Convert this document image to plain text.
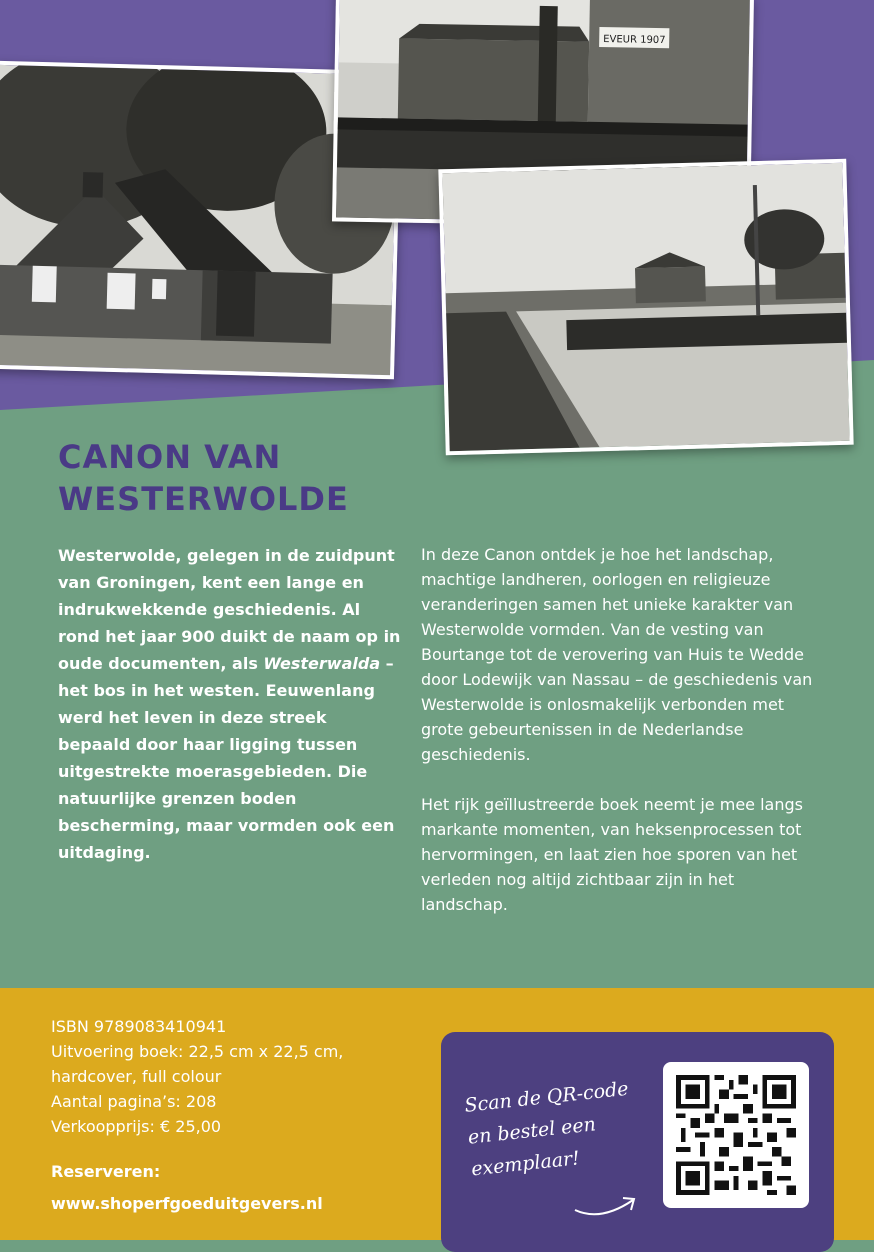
EVEUR 1907
CANON VAN WESTERWOLDE
Westerwolde, gelegen in de zuidpunt van Groningen, kent een lange en indrukwekkende geschiedenis. Al rond het jaar 900 duikt de naam op in oude documenten, als Westerwalda – het bos in het westen. Eeuwenlang werd het leven in deze streek bepaald door haar ligging tussen uitgestrekte moerasgebieden. Die natuurlijke grenzen boden bescherming, maar vormden ook een uitdaging.

In deze Canon ontdek je hoe het landschap, machtige landheren, oorlogen en religieuze veranderingen samen het unieke karakter van Westerwolde vormden. Van de vesting van Bourtange tot de verovering van Huis te Wedde door Lodewijk van Nassau – de geschiedenis van Westerwolde is onlosmakelijk verbonden met grote gebeurtenissen in de Nederlandse geschiedenis.

Het rijk geïllustreerde boek neemt je mee langs markante momenten, van heksenprocessen tot hervormingen, en laat zien hoe sporen van het verleden nog altijd zichtbaar zijn in het landschap.

ISBN 9789083410941
Uitvoering boek: 22,5 cm x 22,5 cm,
hardcover, full colour
Aantal pagina’s: 208
Verkoopprijs: € 25,00
Reserveren:
www.shoperfgoeduitgevers.nl
Scan de QR-code
en bestel een
exemplaar!
